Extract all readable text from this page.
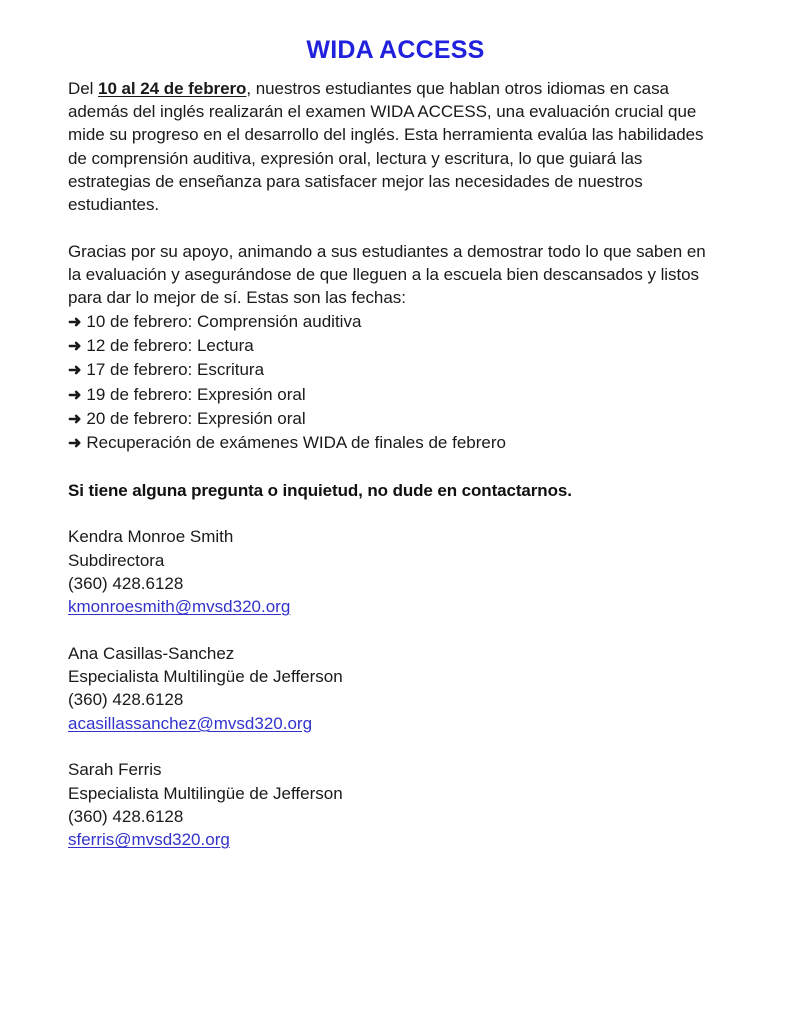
WIDA ACCESS

Del 10 al 24 de febrero, nuestros estudiantes que hablan otros idiomas en casa además del inglés realizarán el examen WIDA ACCESS, una evaluación crucial que mide su progreso en el desarrollo del inglés. Esta herramienta evalúa las habilidades de comprensión auditiva, expresión oral, lectura y escritura, lo que guiará las estrategias de enseñanza para satisfacer mejor las necesidades de nuestros estudiantes.

Gracias por su apoyo, animando a sus estudiantes a demostrar todo lo que saben en la evaluación y asegurándose de que lleguen a la escuela bien descansados y listos para dar lo mejor de sí. Estas son las fechas:

➜ 10 de febrero: Comprensión auditiva
➜ 12 de febrero: Lectura
➜ 17 de febrero: Escritura
➜ 19 de febrero: Expresión oral
➜ 20 de febrero: Expresión oral
➜ Recuperación de exámenes WIDA de finales de febrero

Si tiene alguna pregunta o inquietud, no dude en contactarnos.

Kendra Monroe Smith
Subdirectora
(360) 428.6128
kmonroesmith@mvsd320.org
Ana Casillas-Sanchez
Especialista Multilingüe de Jefferson
(360) 428.6128
acasillassanchez@mvsd320.org
Sarah Ferris
Especialista Multilingüe de Jefferson
(360) 428.6128
sferris@mvsd320.org
